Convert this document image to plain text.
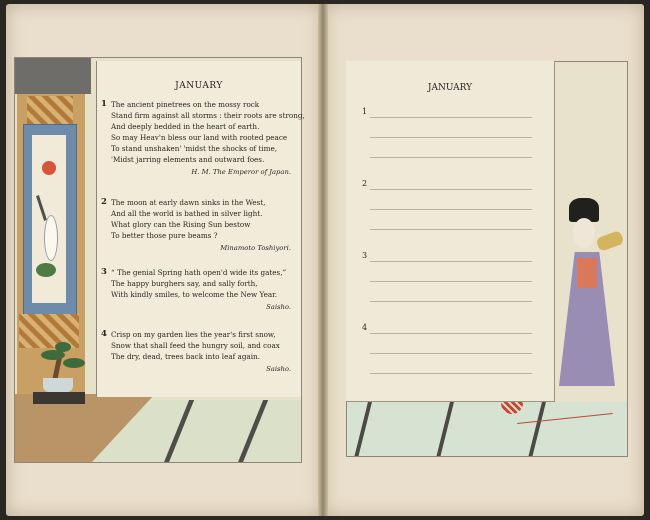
JANUARY
1 The ancient pinetrees on the mossy rock
Stand firm against all storms : their roots are strong,
And deeply bedded in the heart of earth.
So may Heav'n bless our land with rooted peace
To stand unshaken' 'midst the shocks of time,
'Midst jarring elements and outward foes.
H. M. The Emperor of Japan.
2 The moon at early dawn sinks in the West,
And all the world is bathed in silver light.
What glory can the Rising Sun bestow
To better those pure beams ?
Minamoto Toshiyori.
3 “ The genial Spring hath open'd wide its gates,”
The happy burghers say, and sally forth,
With kindly smiles, to welcome the New Year.
Saisho.
4 Crisp on my garden lies the year's first snow,
Snow that shall feed the hungry soil, and coax
The dry, dead, trees back into leaf again.
Saisho.
JANUARY
1
2
3
4
